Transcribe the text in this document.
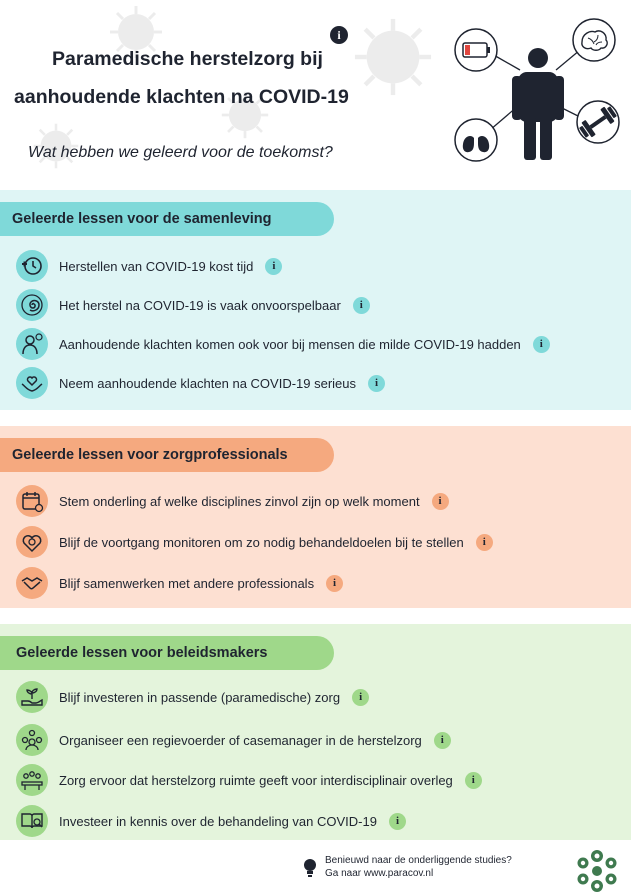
i
Paramedische herstelzorg bij
aanhoudende klachten na COVID-19
Wat hebben we geleerd voor de toekomst?
Geleerde lessen voor de samenleving
Herstellen van COVID-19 kost tijd	i
Het herstel na COVID-19 is vaak onvoorspelbaar	i
Aanhoudende klachten komen ook voor bij mensen die milde COVID-19 hadden	i
Neem aanhoudende klachten na COVID-19 serieus	i
Geleerde lessen voor zorgprofessionals
Stem onderling af welke disciplines zinvol zijn op welk moment	i
Blijf de voortgang monitoren om zo nodig behandeldoelen bij te stellen	i
Blijf samenwerken met andere professionals	i
Geleerde lessen voor beleidsmakers
Blijf investeren in passende (paramedische) zorg	i
Organiseer een regievoerder of casemanager in de herstelzorg	i
Zorg ervoor dat herstelzorg ruimte geeft voor interdisciplinair overleg	i
Investeer in kennis over de behandeling van COVID-19	i
Benieuwd naar de onderliggende studies?
Ga naar www.paracov.nl
